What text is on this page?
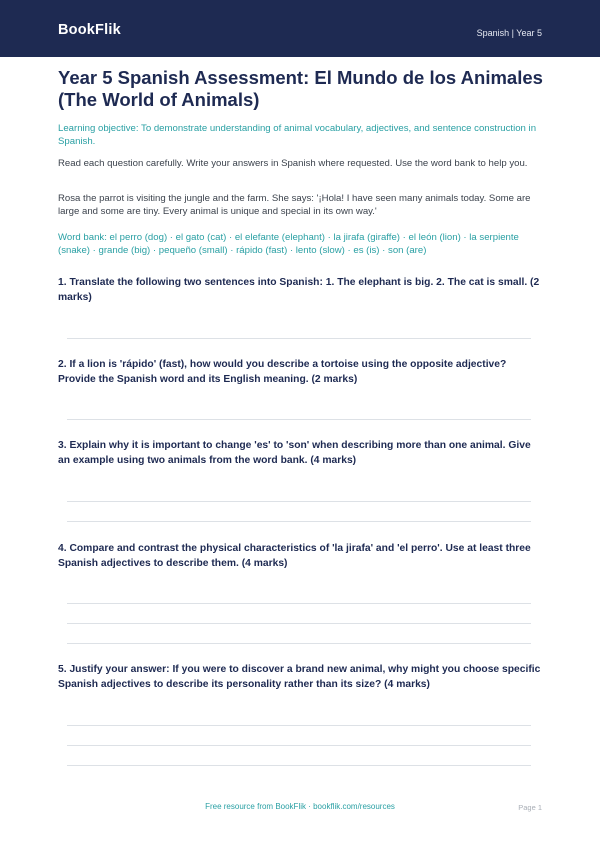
BookFlik	Spanish | Year 5
Year 5 Spanish Assessment: El Mundo de los Animales (The World of Animals)

Learning objective: To demonstrate understanding of animal vocabulary, adjectives, and sentence construction in Spanish.

Read each question carefully. Write your answers in Spanish where requested. Use the word bank to help you.

Rosa the parrot is visiting the jungle and the farm. She says: '¡Hola! I have seen many animals today. Some are large and some are tiny. Every animal is unique and special in its own way.'

Word bank: el perro (dog) · el gato (cat) · el elefante (elephant) · la jirafa (giraffe) · el león (lion) · la serpiente (snake) · grande (big) · pequeño (small) · rápido (fast) · lento (slow) · es (is) · son (are)

1. Translate the following two sentences into Spanish: 1. The elephant is big. 2. The cat is small. (2 marks)
2. If a lion is 'rápido' (fast), how would you describe a tortoise using the opposite adjective? Provide the Spanish word and its English meaning. (2 marks)
3. Explain why it is important to change 'es' to 'son' when describing more than one animal. Give an example using two animals from the word bank. (4 marks)
4. Compare and contrast the physical characteristics of 'la jirafa' and 'el perro'. Use at least three Spanish adjectives to describe them. (4 marks)
5. Justify your answer: If you were to discover a brand new animal, why might you choose specific Spanish adjectives to describe its personality rather than its size? (4 marks)
Free resource from BookFlik · bookflik.com/resources	Page 1
